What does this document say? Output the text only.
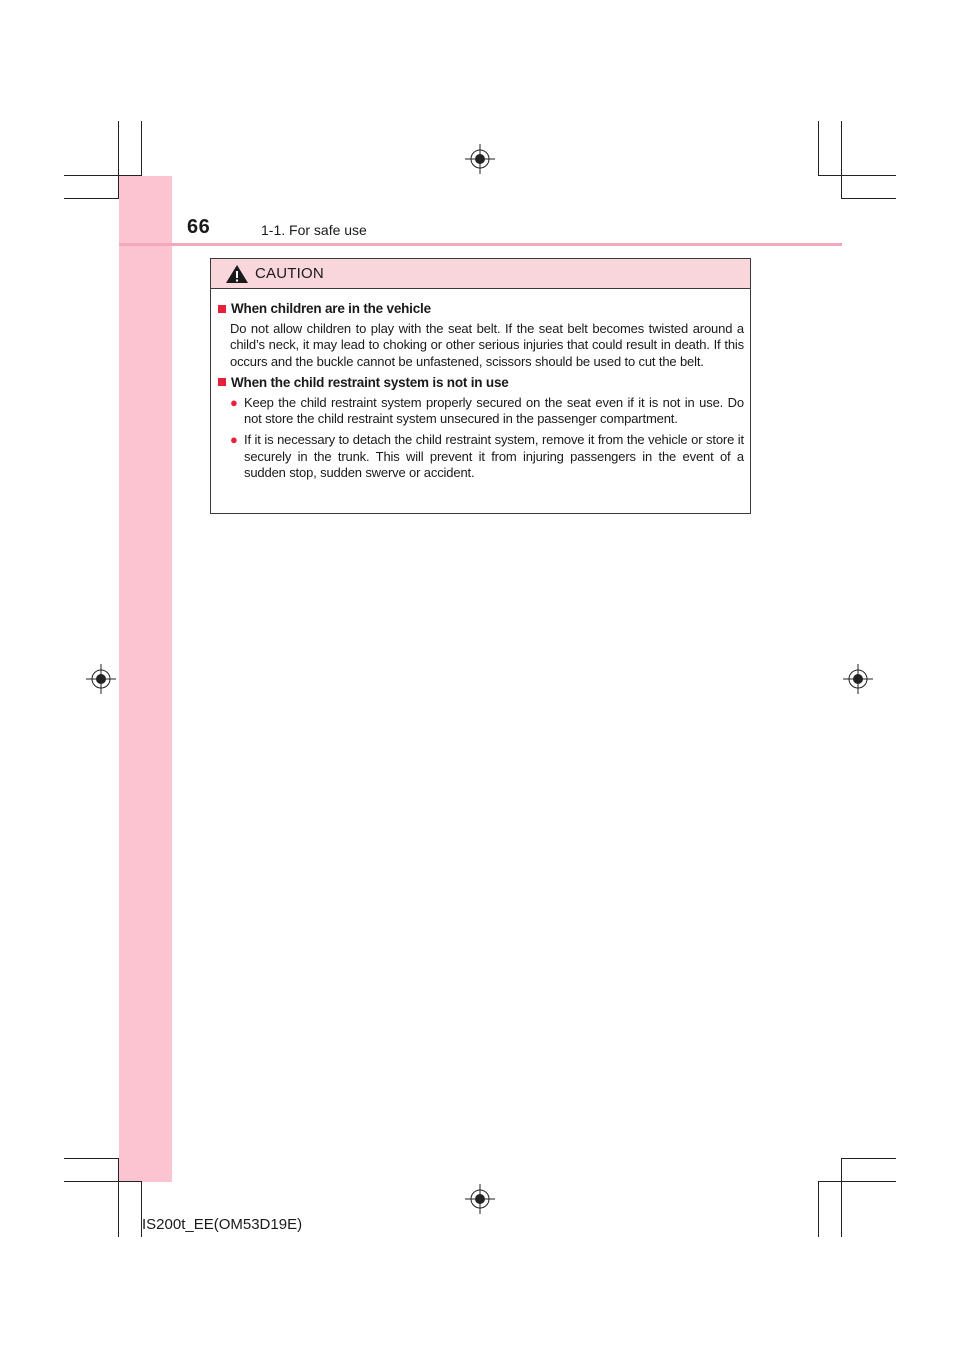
66	1-1. For safe use
CAUTION
When children are in the vehicle

Do not allow children to play with the seat belt. If the seat belt becomes twisted around a child’s neck, it may lead to choking or other serious injuries that could result in death. If this occurs and the buckle cannot be unfastened, scissors should be used to cut the belt.

When the child restraint system is not in use
● Keep the child restraint system properly secured on the seat even if it is not in use. Do not store the child restraint system unsecured in the passenger compartment.
● If it is necessary to detach the child restraint system, remove it from the vehicle or store it securely in the trunk. This will prevent it from injuring passengers in the event of a sudden stop, sudden swerve or accident.
IS200t_EE(OM53D19E)
